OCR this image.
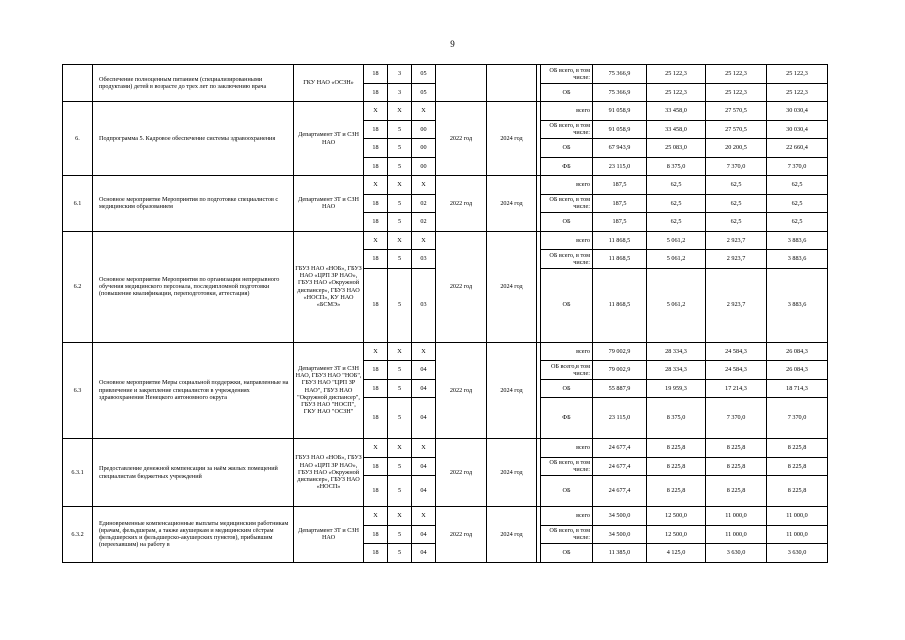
9
	Обеспечение полноценным питанием (специализированными продуктами) детей в возрасте до трех лет по заключению врача	ГКУ НАО «ОСЗН»	18	3	05				ОБ всего, в том числе:	75 366,9	25 122,3	25 122,3	25 122,3
			18	3	05				ОБ	75 366,9	25 122,3	25 122,3	25 122,3
6.	Подпрограмма 5. Кадровое обеспечение системы здравоохранения	Департамент ЗТ и СЗН НАО	Х	Х	Х	2022 год	2024 год		всего	91 058,9	33 458,0	27 570,5	30 030,4
			18	5	00				ОБ всего, в том числе:	91 058,9	33 458,0	27 570,5	30 030,4
			18	5	00				ОБ	67 943,9	25 083,0	20 200,5	22 660,4
			18	5	00				ФБ	23 115,0	8 375,0	7 370,0	7 370,0
6.1	Основное мероприятие Мероприятия по подготовке специалистов с медицинским образованием	Департамент ЗТ и СЗН НАО	Х	Х	Х	2022 год	2024 год		всего	187,5	62,5	62,5	62,5
			18	5	02				ОБ всего, в том числе:	187,5	62,5	62,5	62,5
			18	5	02				ОБ	187,5	62,5	62,5	62,5
6.2	Основное мероприятие Мероприятия по организации непрерывного обучения медицинского персонала, последипломной подготовки (повышение квалификации, переподготовки, аттестация)	ГБУЗ НАО «НОБ», ГБУЗ НАО «ЦРП ЗР НАО», ГБУЗ НАО «Окружной диспансер», ГБУЗ НАО «НОСП», КУ НАО «БСМЭ»	Х	Х	Х	2022 год	2024 год		всего	11 868,5	5 061,2	2 923,7	3 883,6
			18	5	03				ОБ всего, в том числе:	11 868,5	5 061,2	2 923,7	3 883,6
			18	5	03				ОБ	11 868,5	5 061,2	2 923,7	3 883,6
6.3	Основное мероприятие Меры социальной поддержки, направленные на привлечение и закрепление специалистов в учреждениях здравоохранения Ненецкого автономного округа	Департамент ЗТ и СЗН НАО, ГБУЗ НАО "НОБ", ГБУЗ НАО "ЦРП ЗР НАО", ГБУЗ НАО "Окружной диспансер", ГБУЗ НАО "НОСП", ГКУ НАО "ОСЗН"	Х	Х	Х	2022 год	2024 год		всего	79 002,9	28 334,3	24 584,3	26 084,3
			18	5	04				ОБ всего,в том числе:	79 002,9	28 334,3	24 584,3	26 084,3
			18	5	04				ОБ	55 887,9	19 959,3	17 214,3	18 714,3
			18	5	04				ФБ	23 115,0	8 375,0	7 370,0	7 370,0
6.3.1	Предоставление денежной компенсации за наём жилых помещений специалистам бюджетных учреждений	ГБУЗ НАО «НОБ», ГБУЗ НАО «ЦРП ЗР НАО», ГБУЗ НАО «Окружной диспансер», ГБУЗ НАО «НОСП»	Х	Х	Х	2022 год	2024 год		всего	24 677,4	8 225,8	8 225,8	8 225,8
			18	5	04				ОБ всего, в том числе:	24 677,4	8 225,8	8 225,8	8 225,8
			18	5	04				ОБ	24 677,4	8 225,8	8 225,8	8 225,8
6.3.2	Единовременные компенсационные выплаты медицинским работникам (врачам, фельдшерам, а также акушеркам и медицинским сёстрам фельдшерских и фельдшерско-акушерских пунктов), прибывшим (переехавшим) на работу в	Департамент ЗТ и СЗН НАО	Х	Х	Х	2022 год	2024 год		всего	34 500,0	12 500,0	11 000,0	11 000,0
			18	5	04				ОБ всего, в том числе:	34 500,0	12 500,0	11 000,0	11 000,0
			18	5	04				ОБ	11 385,0	4 125,0	3 630,0	3 630,0
